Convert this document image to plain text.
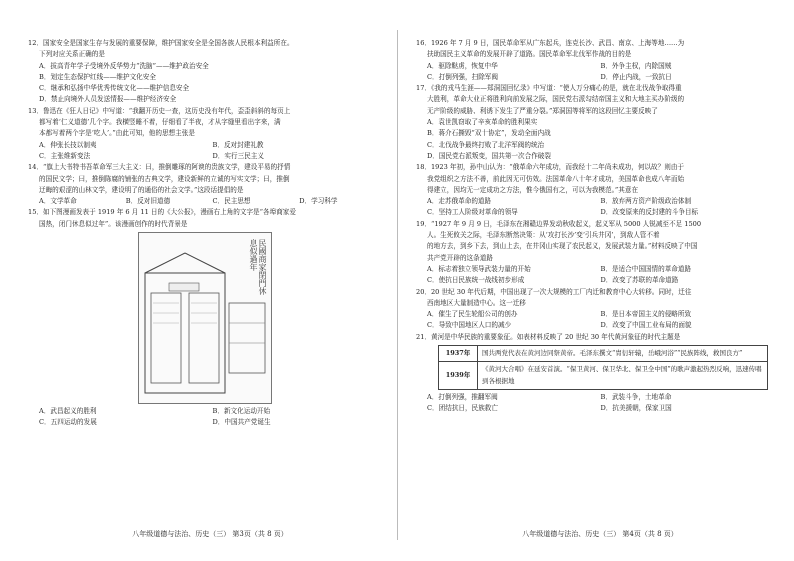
12．国家安全是国家生存与发展的重要保障，维护国家安全是全国各族人民根本利益所在。

下列对应关系正确的是

A．拔高青年学子受境外反华势力“洗脑”——维护政治安全

B．划定生态保护红线——维护文化安全

C．继承和弘扬中华优秀传统文化——维护信息安全

D．禁止向境外人员发送情报——维护经济安全

13．鲁迅在《狂人日记》中写道：“我翻开历史一查，这历史没有年代，歪歪斜斜的每页上

都写着‘仁义道德’几个字。我横竖睡不着，仔细看了半夜，才从字缝里看出字来，满

本都写着两个字是‘吃人’。”由此可知，他的思想主张是

A．伸张长技以制夷	B．反对封建礼教
C．主张维新变法	D．实行三民主义

14．“旗上大书特书吾革命军三大主义：曰，推倒雕琢的阿谀的贵族文学，建设平易的抒情

的国民文学；曰，推倒陈腐的铺张的古典文学，建设新鲜的立诚的写实文学；曰，推倒

迂晦的艰涩的山林文学，建设明了的通俗的社会文学。”这段话提倡的是

A．文学革命	B．反对旧道德	C．民主思想	D．学习科学

15．如下图漫画发表于 1919 年 6 月 11 日的《大公报》，漫画右上角的文字是“各埠商家爱

国热，闭门休息似过年”。该漫画创作的时代背景是

民國商家閉門休息似過年
A．武昌起义的胜利	B．新文化运动开始
C．五四运动的发展	D．中国共产党诞生
八年级道德与法治、历史（三） 第3页（共 8 页）

16．1926 年 7 月 9 日，国民革命军从广东起兵，连克长沙、武昌、南京、上海等地……为

扶助国民主义革命的发展开辟了道路。国民革命军北伐军作战的目的是

A．驱除鞑虏，恢复中华	B．外争主权，内除国贼
C．打倒列强，扫除军阀	D．停止内战，一致抗日

17．《我的戎马生涯——郑洞国回忆录》中写道：“使人万分痛心的是，就在北伐战争取得重

大胜利，革命大业正将胜利向前发展之际，国民党右派勾结帝国主义和大地主买办阶级的

无产阶级的威胁、利诱下发生了严重分裂。”郑洞国等将军的这段回忆主要反映了

A．袁世凯窃取了辛亥革命的胜利果实

B．蒋介石撕毁“双十协定”，发动全面内战

C．北伐战争最终打败了北洋军阀的统治

D．国民党右派叛变，国共第一次合作破裂

18．1923 年初，孙中山认为：“俄革命六年成功，而我经十二年尚未成功，何以故？则由于

我党组织之方法不善，前此因无可仿效。法国革命八十年才成功，美国革命也成八年而始

得建立，因均无一定成功之方法，惟今俄国有之，可以为我模范。”其意在

A．走苏俄革命的道路	B．放弃两方资产阶级政治体制
C．坚持工人阶级对革命的领导	D．改变原来的反封建的斗争目标

19．“1927 年 9 月 9 日，毛泽东在湘赣边界发动秋收起义，起义军从 5000 人锐减至不足 1500

人。生死攸关之际，毛泽东断然决策：从‘攻打长沙’变‘引兵井冈’，到敌人管不着

的地方去，到乡下去，到山上去，在井冈山实现了农民起义，发展武装力量。”材料反映了中国

共产党开辟的这条道路

A．标志着独立领导武装力量的开始	B．是适合中国国情的革命道路
C．使抗日民族统一战线初步形成	D．改变了苏联的革命道路

20．20 世纪 30 年代后期，中国出现了一次大规模的工厂内迁和教育中心大转移。同时，迁往

西南地区大量制造中心。这一迁移

A．催生了民生轮船公司的创办	B．是日本帝国主义的侵略所致
C．导致中国地区人口的减少	D．改变了中国工业布局的面貌

21．黄河是中华民族的重要象征。如表材料反映了 20 世纪 30 年代黄河象征的时代主题是

1937年	国共两党代表在黄河边同祭黄帝。毛泽东撰文“胄衍轩辕，岳峨河浴”“民族阵线，救国良方”
1939年	《黄河大合唱》在延安首演。“保卫黄河、保卫华北、保卫全中国”的歌声激起热烈反响，迅速传唱到各根据地
A．打倒列强，推翻军阀	B．武装斗争，土地革命
C．团结抗日，民族救亡	D．抗美援朝，保家卫国
八年级道德与法治、历史（三） 第4页（共 8 页）
